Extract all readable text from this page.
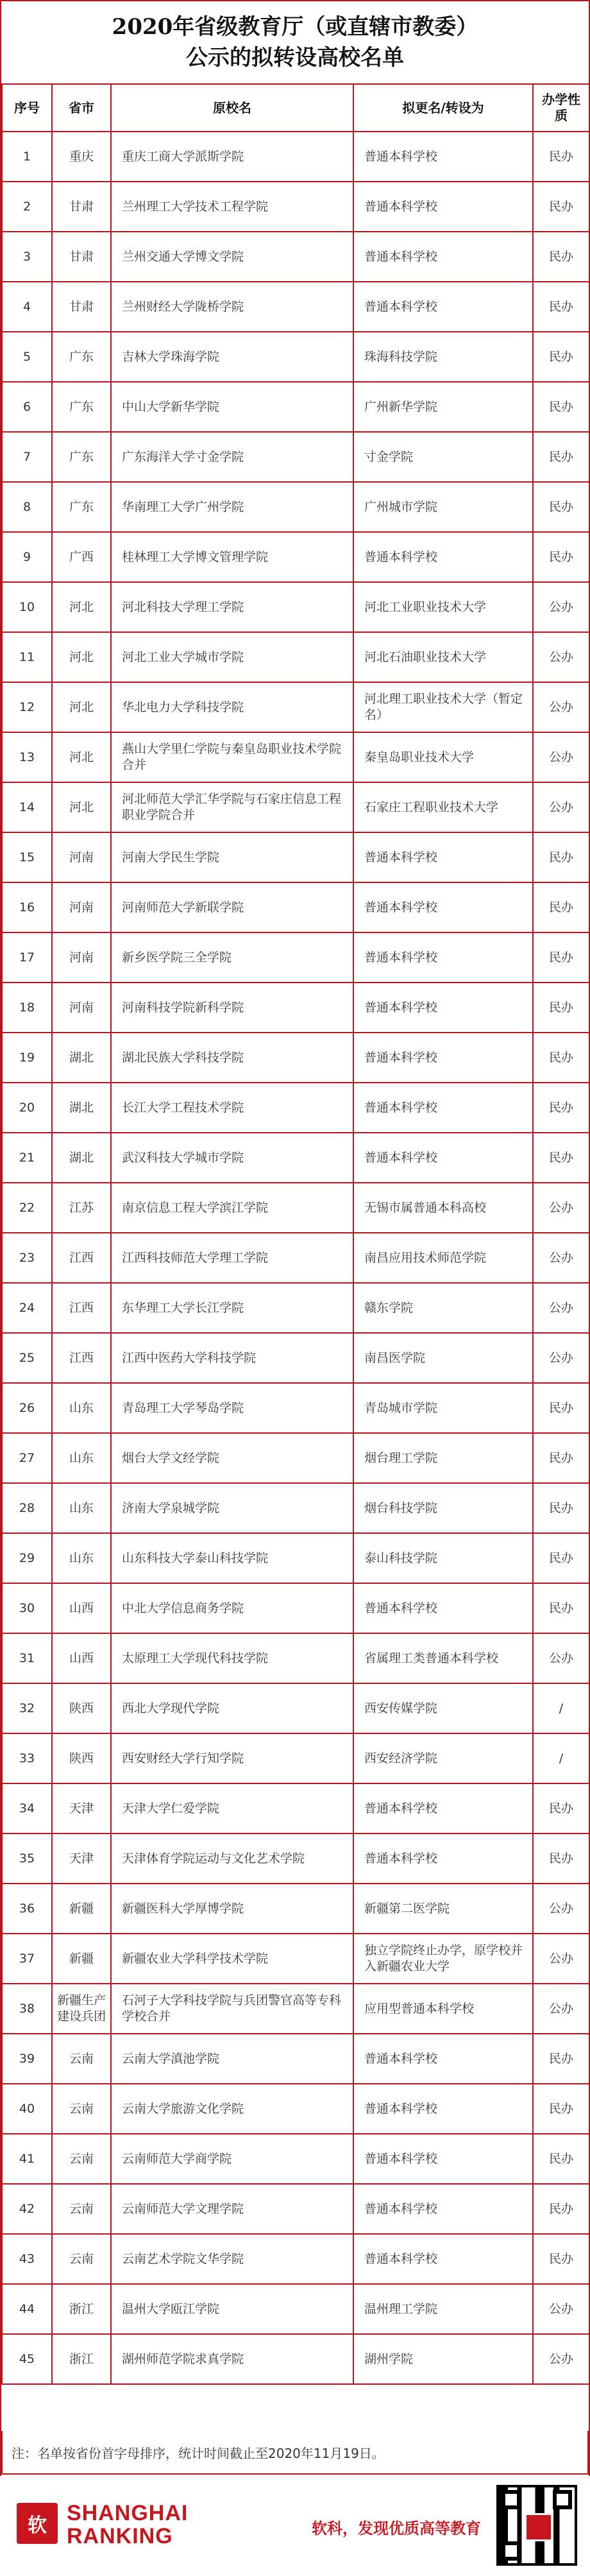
2020年省级教育厅（或直辖市教委）
公示的拟转设高校名单
序号	省市	原校名	拟更名/转设为	办学性质
1	重庆	重庆工商大学派斯学院	普通本科学校	民办
2	甘肃	兰州理工大学技术工程学院	普通本科学校	民办
3	甘肃	兰州交通大学博文学院	普通本科学校	民办
4	甘肃	兰州财经大学陇桥学院	普通本科学校	民办
5	广东	吉林大学珠海学院	珠海科技学院	民办
6	广东	中山大学新华学院	广州新华学院	民办
7	广东	广东海洋大学寸金学院	寸金学院	民办
8	广东	华南理工大学广州学院	广州城市学院	民办
9	广西	桂林理工大学博文管理学院	普通本科学校	民办
10	河北	河北科技大学理工学院	河北工业职业技术大学	公办
11	河北	河北工业大学城市学院	河北石油职业技术大学	公办
12	河北	华北电力大学科技学院	河北理工职业技术大学（暂定名）	公办
13	河北	燕山大学里仁学院与秦皇岛职业技术学院合并	秦皇岛职业技术大学	公办
14	河北	河北师范大学汇华学院与石家庄信息工程职业学院合并	石家庄工程职业技术大学	公办
15	河南	河南大学民生学院	普通本科学校	民办
16	河南	河南师范大学新联学院	普通本科学校	民办
17	河南	新乡医学院三全学院	普通本科学校	民办
18	河南	河南科技学院新科学院	普通本科学校	民办
19	湖北	湖北民族大学科技学院	普通本科学校	民办
20	湖北	长江大学工程技术学院	普通本科学校	民办
21	湖北	武汉科技大学城市学院	普通本科学校	民办
22	江苏	南京信息工程大学滨江学院	无锡市属普通本科高校	公办
23	江西	江西科技师范大学理工学院	南昌应用技术师范学院	公办
24	江西	东华理工大学长江学院	赣东学院	公办
25	江西	江西中医药大学科技学院	南昌医学院	公办
26	山东	青岛理工大学琴岛学院	青岛城市学院	民办
27	山东	烟台大学文经学院	烟台理工学院	民办
28	山东	济南大学泉城学院	烟台科技学院	民办
29	山东	山东科技大学泰山科技学院	泰山科技学院	民办
30	山西	中北大学信息商务学院	普通本科学校	民办
31	山西	太原理工大学现代科技学院	省属理工类普通本科学校	公办
32	陕西	西北大学现代学院	西安传媒学院	/
33	陕西	西安财经大学行知学院	西安经济学院	/
34	天津	天津大学仁爱学院	普通本科学校	民办
35	天津	天津体育学院运动与文化艺术学院	普通本科学校	民办
36	新疆	新疆医科大学厚博学院	新疆第二医学院	公办
37	新疆	新疆农业大学科学技术学院	独立学院终止办学，原学校并入新疆农业大学	公办
38	新疆生产建设兵团	石河子大学科技学院与兵团警官高等专科学校合并	应用型普通本科学校	公办
39	云南	云南大学滇池学院	普通本科学校	民办
40	云南	云南大学旅游文化学院	普通本科学校	民办
41	云南	云南师范大学商学院	普通本科学校	民办
42	云南	云南师范大学文理学院	普通本科学校	民办
43	云南	云南艺术学院文华学院	普通本科学校	民办
44	浙江	温州大学瓯江学院	温州理工学院	公办
45	浙江	湖州师范学院求真学院	湖州学院	公办
注：名单按省份首字母排序，统计时间截止至2020年11月19日。
软
SHANGHAI
RANKING	软科，发现优质高等教育
